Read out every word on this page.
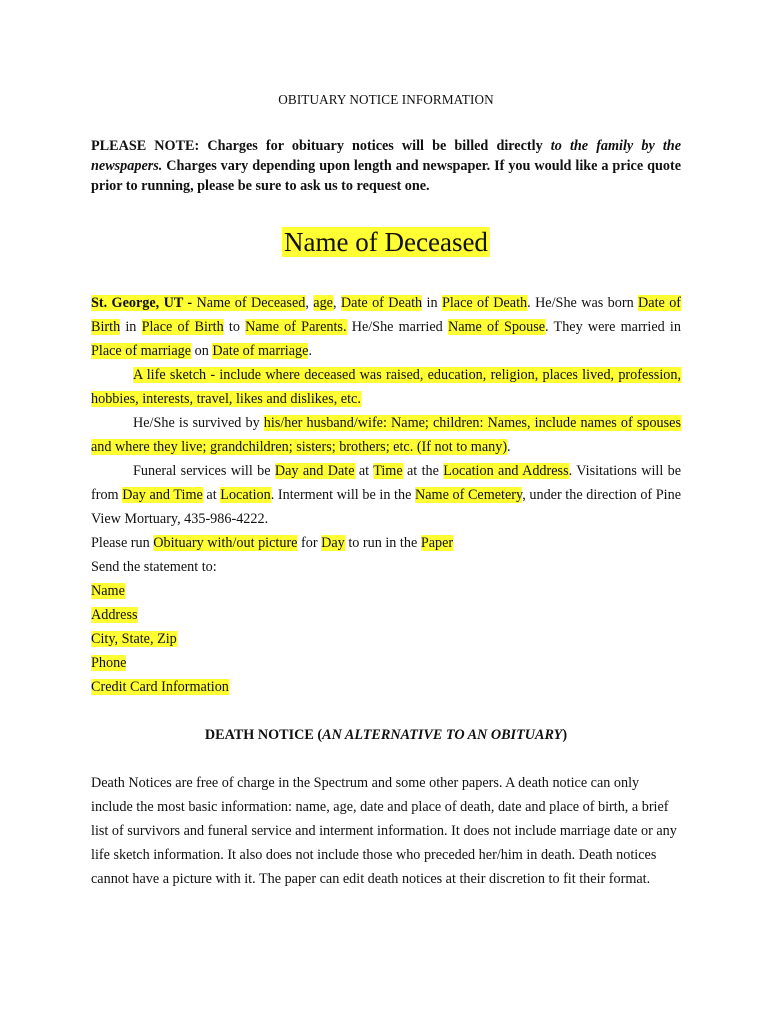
OBITUARY NOTICE INFORMATION

PLEASE NOTE: Charges for obituary notices will be billed directly to the family by the newspapers. Charges vary depending upon length and newspaper. If you would like a price quote prior to running, please be sure to ask us to request one.

Name of Deceased

St. George, UT - Name of Deceased, age, Date of Death in Place of Death. He/She was born Date of Birth in Place of Birth to Name of Parents. He/She married Name of Spouse. They were married in Place of marriage on Date of marriage.

A life sketch - include where deceased was raised, education, religion, places lived, profession, hobbies, interests, travel, likes and dislikes, etc.

He/She is survived by his/her husband/wife: Name; children: Names, include names of spouses and where they live; grandchildren; sisters; brothers; etc. (If not to many).

Funeral services will be Day and Date at Time at the Location and Address. Visitations will be from Day and Time at Location. Interment will be in the Name of Cemetery, under the direction of Pine View Mortuary, 435-986-4222.

Please run Obituary with/out picture for Day to run in the Paper

Send the statement to:

Name

Address

City, State, Zip

Phone

Credit Card Information

DEATH NOTICE (AN ALTERNATIVE TO AN OBITUARY)

Death Notices are free of charge in the Spectrum and some other papers. A death notice can only include the most basic information: name, age, date and place of death, date and place of birth, a brief list of survivors and funeral service and interment information. It does not include marriage date or any life sketch information. It also does not include those who preceded her/him in death. Death notices cannot have a picture with it. The paper can edit death notices at their discretion to fit their format.
